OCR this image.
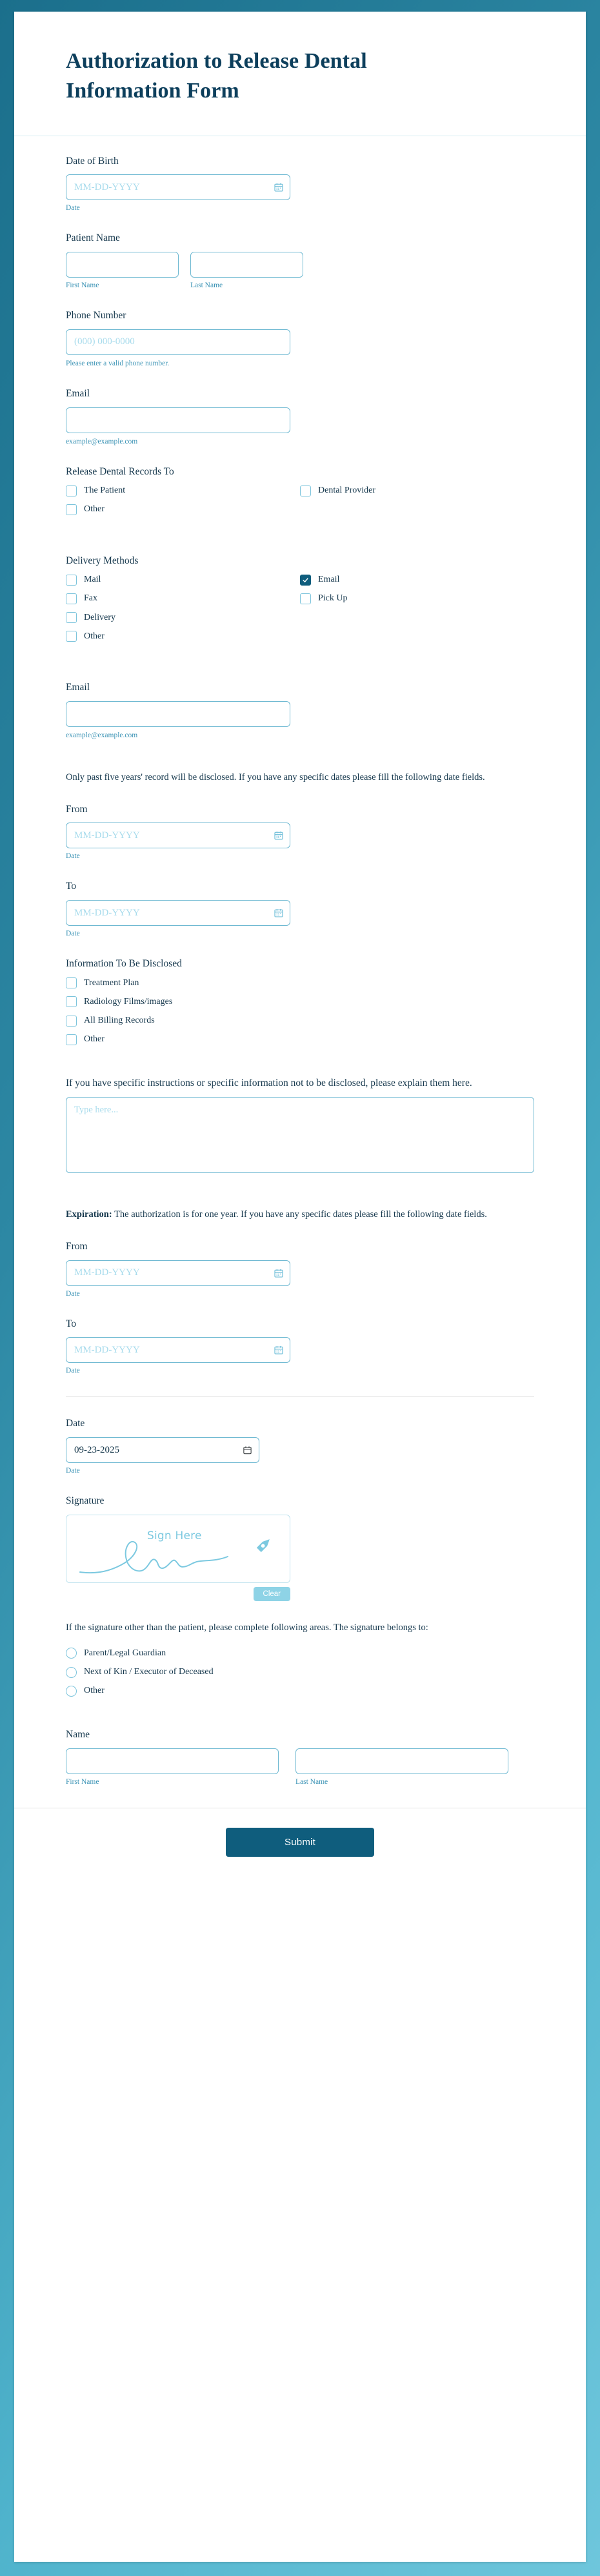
Authorization to Release Dental Information Form
Date of Birth
MM-DD-YYYY
Date
Patient Name
First Name	Last Name
Phone Number
(000) 000-0000
Please enter a valid phone number.
Email
example@example.com
Release Dental Records To
The Patient
Other
Dental Provider
Delivery Methods
Mail
Fax
Delivery
Other
Email
Pick Up
Email
example@example.com

Only past five years' record will be disclosed. If you have any specific dates please fill the following date fields.

From
MM-DD-YYYY
Date
To
MM-DD-YYYY
Date
Information To Be Disclosed
Treatment Plan
Radiology Films/images
All Billing Records
Other
If you have specific instructions or specific information not to be disclosed, please explain them here.
Type here...

Expiration: The authorization is for one year. If you have any specific dates please fill the following date fields.

From
MM-DD-YYYY
Date
To
MM-DD-YYYY
Date
Date
09-23-2025
Date
Signature
Sign Here
Clear

If the signature other than the patient, please complete following areas. The signature belongs to:

Parent/Legal Guardian
Next of Kin / Executor of Deceased
Other
Name
First Name	Last Name
Submit
